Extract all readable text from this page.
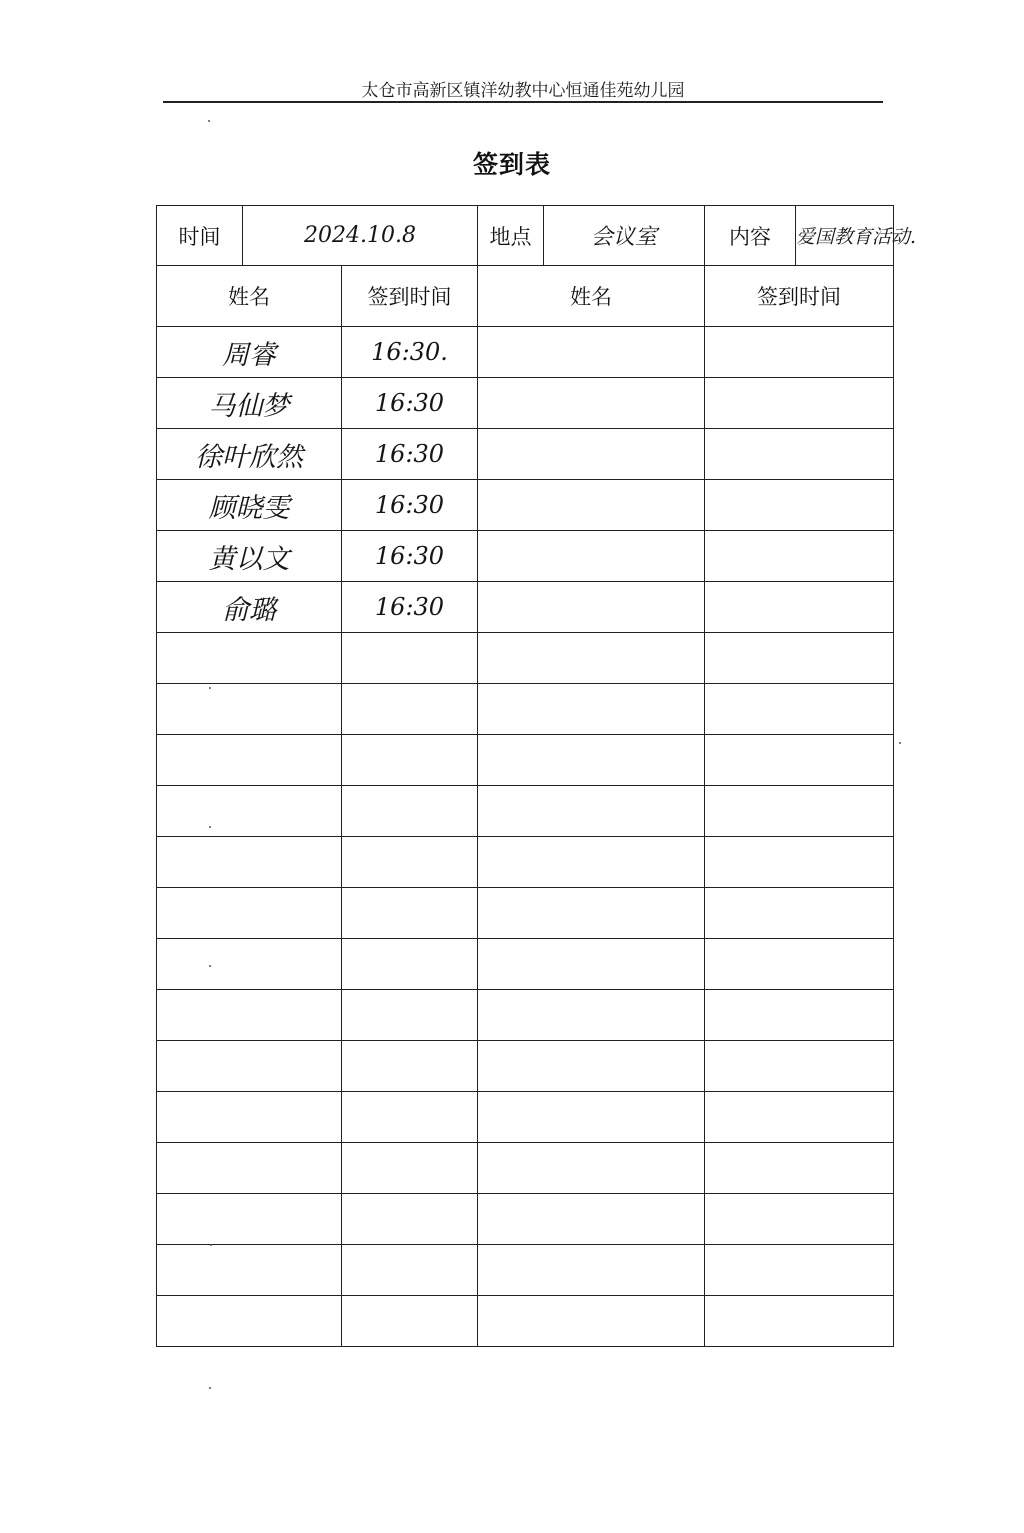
太仓市高新区镇洋幼教中心恒通佳苑幼儿园
签到表
时间	2024.10.8		地点	会议室	内容	爱国教育活动.
姓名		签到时间	姓名		签到时间	
周睿		16:30.				
马仙梦		16:30				
徐叶欣然		16:30				
顾晓雯		16:30				
黄以文		16:30				
俞璐		16:30				
